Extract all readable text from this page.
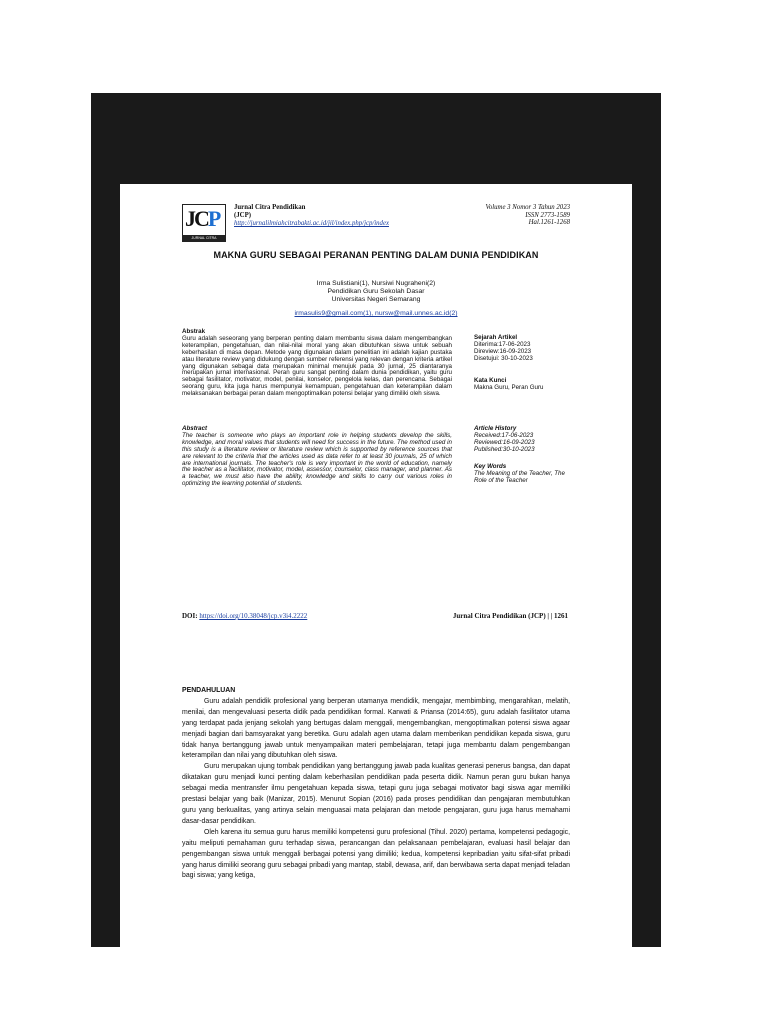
JCP
JURNAL CITRA PENDIDIKAN
Jurnal Citra Pendidikan
(JCP)
http://jurnalilmiahcitrabakti.ac.id/jil/index.php/jcp/index
Volume 3 Nomor 3 Tahun 2023
ISSN 2773-1589
Hal.1261-1268
MAKNA GURU SEBAGAI PERANAN PENTING DALAM DUNIA PENDIDIKAN
Irma Sulistiani(1), Nursiwi Nugraheni(2)
Pendidikan Guru Sekolah Dasar
Universitas Negeri Semarang
irmasulis9@gmail.com(1), nursw@mail.unnes.ac.id(2)
Abstrak
Guru adalah seseorang yang berperan penting dalam membantu siswa dalam mengembangkan keterampilan, pengetahuan, dan nilai-nilai moral yang akan dibutuhkan siswa untuk sebuah keberhasilan di masa depan. Metode yang digunakan dalam penelitian ini adalah kajian pustaka atau literature review yang didukung dengan sumber referensi yang relevan dengan kriteria artikel yang digunakan sebagai data merupakan minimal menujuk pada 30 jurnal, 25 diantaranya merupakan jurnal internasional. Peran guru sangat penting dalam dunia pendidikan, yaitu guru sebagai fasilitator, motivator, model, penilai, konselor, pengelola kelas, dan perencana. Sebagai seorang guru, kita juga harus mempunyai kemampuan, pengetahuan dan keterampilan dalam melaksanakan berbagai peran dalam mengoptimalkan potensi belajar yang dimiliki oleh siswa.
Sejarah Artikel
Diterima:17-06-2023
Direview:16-09-2023
Disetujui: 30-10-2023
Kata Kunci
Makna Guru, Peran Guru
Abstract
The teacher is someone who plays an important role in helping students develop the skills, knowledge, and moral values that students will need for success in the future. The method used in this study is a literature review or literature review which is supported by reference sources that are relevant to the criteria that the articles used as data refer to at least 30 journals, 25 of which are international journals. The teacher's role is very important in the world of education, namely the teacher as a facilitator, motivator, model, assessor, counselor, class manager, and planner. As a teacher, we must also have the ability, knowledge and skills to carry out various roles in optimizing the learning potential of students.
Article History
Received:17-06-2023
Reviewed:16-09-2023
Published:30-10-2023
Key Words
The Meaning of the Teacher, The Role of the Teacher
DOI: https://doi.org/10.38048/jcp.v3i4.2222	Jurnal Citra Pendidikan (JCP) | | 1261
PENDAHULUAN

Guru adalah pendidik profesional yang berperan utamanya mendidik, mengajar, membimbing, mengarahkan, melatih, menilai, dan mengevaluasi peserta didik pada pendidikan formal. Karwati & Priansa (2014:65), guru adalah fasilitator utama yang terdapat pada jenjang sekolah yang bertugas dalam menggali, mengembangkan, mengoptimalkan potensi siswa agaar menjadi bagian dari bamsyarakat yang beretika. Guru adalah agen utama dalam memberikan pendidikan kepada siswa, guru tidak hanya bertanggung jawab untuk menyampaikan materi pembelajaran, tetapi juga membantu dalam pengembangan keterampilan dan nilai yang dibutuhkan oleh siswa.

Guru merupakan ujung tombak pendidikan yang bertanggung jawab pada kualitas generasi penerus bangsa, dan dapat dikatakan guru menjadi kunci penting dalam keberhasilan pendidikan pada peserta didik. Namun peran guru bukan hanya sebagai media mentransfer ilmu pengetahuan kepada siswa, tetapi guru juga sebagai motivator bagi siswa agar memiliki prestasi belajar yang baik (Manizar, 2015). Menurut Sopian (2016) pada proses pendidikan dan pengajaran membutuhkan guru yang berkualitas, yang artinya selain menguasai mata pelajaran dan metode pengajaran, guru juga harus memahami dasar-dasar pendidikan.

Oleh karena itu semua guru harus memiliki kompetensi guru profesional (Tihul. 2020) pertama, kompetensi pedagogic, yaitu meliputi pemahaman guru terhadap siswa, perancangan dan pelaksanaan pembelajaran, evaluasi hasil belajar dan pengembangan siswa untuk menggali berbagai potensi yang dimiliki; kedua, kompetensi kepribadian yaitu sifat-sifat pribadi yang harus dimiliki seorang guru sebagai pribadi yang mantap, stabil, dewasa, arif, dan berwibawa serta dapat menjadi teladan bagi siswa; yang ketiga,
